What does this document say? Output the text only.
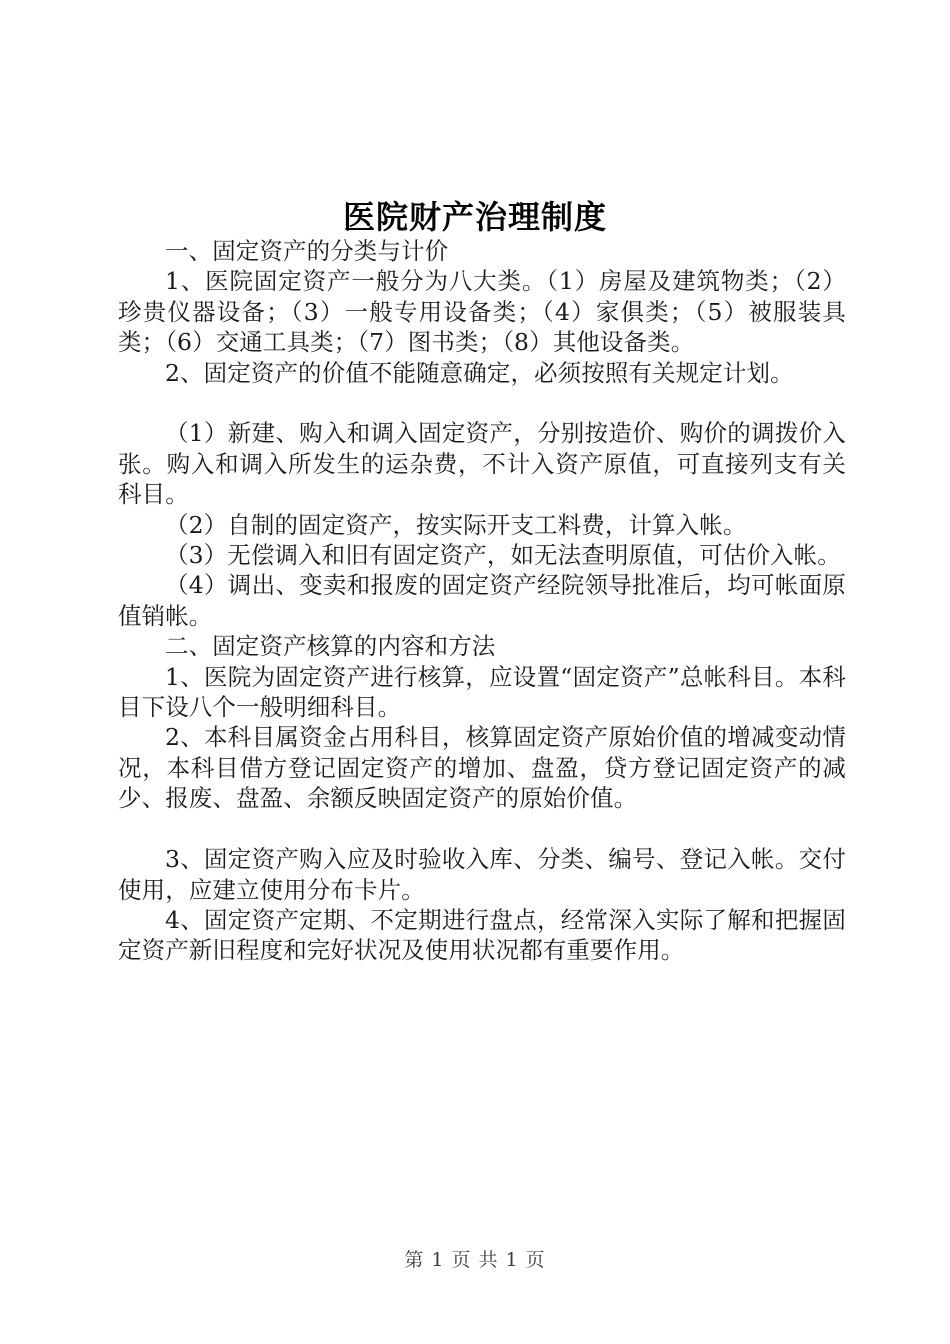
医院财产治理制度

一、固定资产的分类与计价

1、医院固定资产一般分为八大类。（1）房屋及建筑物类；（2）珍贵仪器设备；（3）一般专用设备类；（4）家俱类；（5）被服装具类；（6）交通工具类；（7）图书类；（8）其他设备类。

2、固定资产的价值不能随意确定，必须按照有关规定计划。

（1）新建、购入和调入固定资产，分别按造价、购价的调拨价入张。购入和调入所发生的运杂费，不计入资产原值，可直接列支有关科目。

（2）自制的固定资产，按实际开支工料费，计算入帐。

（3）无偿调入和旧有固定资产，如无法查明原值，可估价入帐。

（4）调出、变卖和报废的固定资产经院领导批准后，均可帐面原值销帐。

二、固定资产核算的内容和方法

1、医院为固定资产进行核算，应设置“固定资产”总帐科目。本科目下设八个一般明细科目。

2、本科目属资金占用科目，核算固定资产原始价值的增减变动情况，本科目借方登记固定资产的增加、盘盈，贷方登记固定资产的减少、报废、盘盈、余额反映固定资产的原始价值。

3、固定资产购入应及时验收入库、分类、编号、登记入帐。交付使用，应建立使用分布卡片。

4、固定资产定期、不定期进行盘点，经常深入实际了解和把握固定资产新旧程度和完好状况及使用状况都有重要作用。

第 1 页 共 1 页
